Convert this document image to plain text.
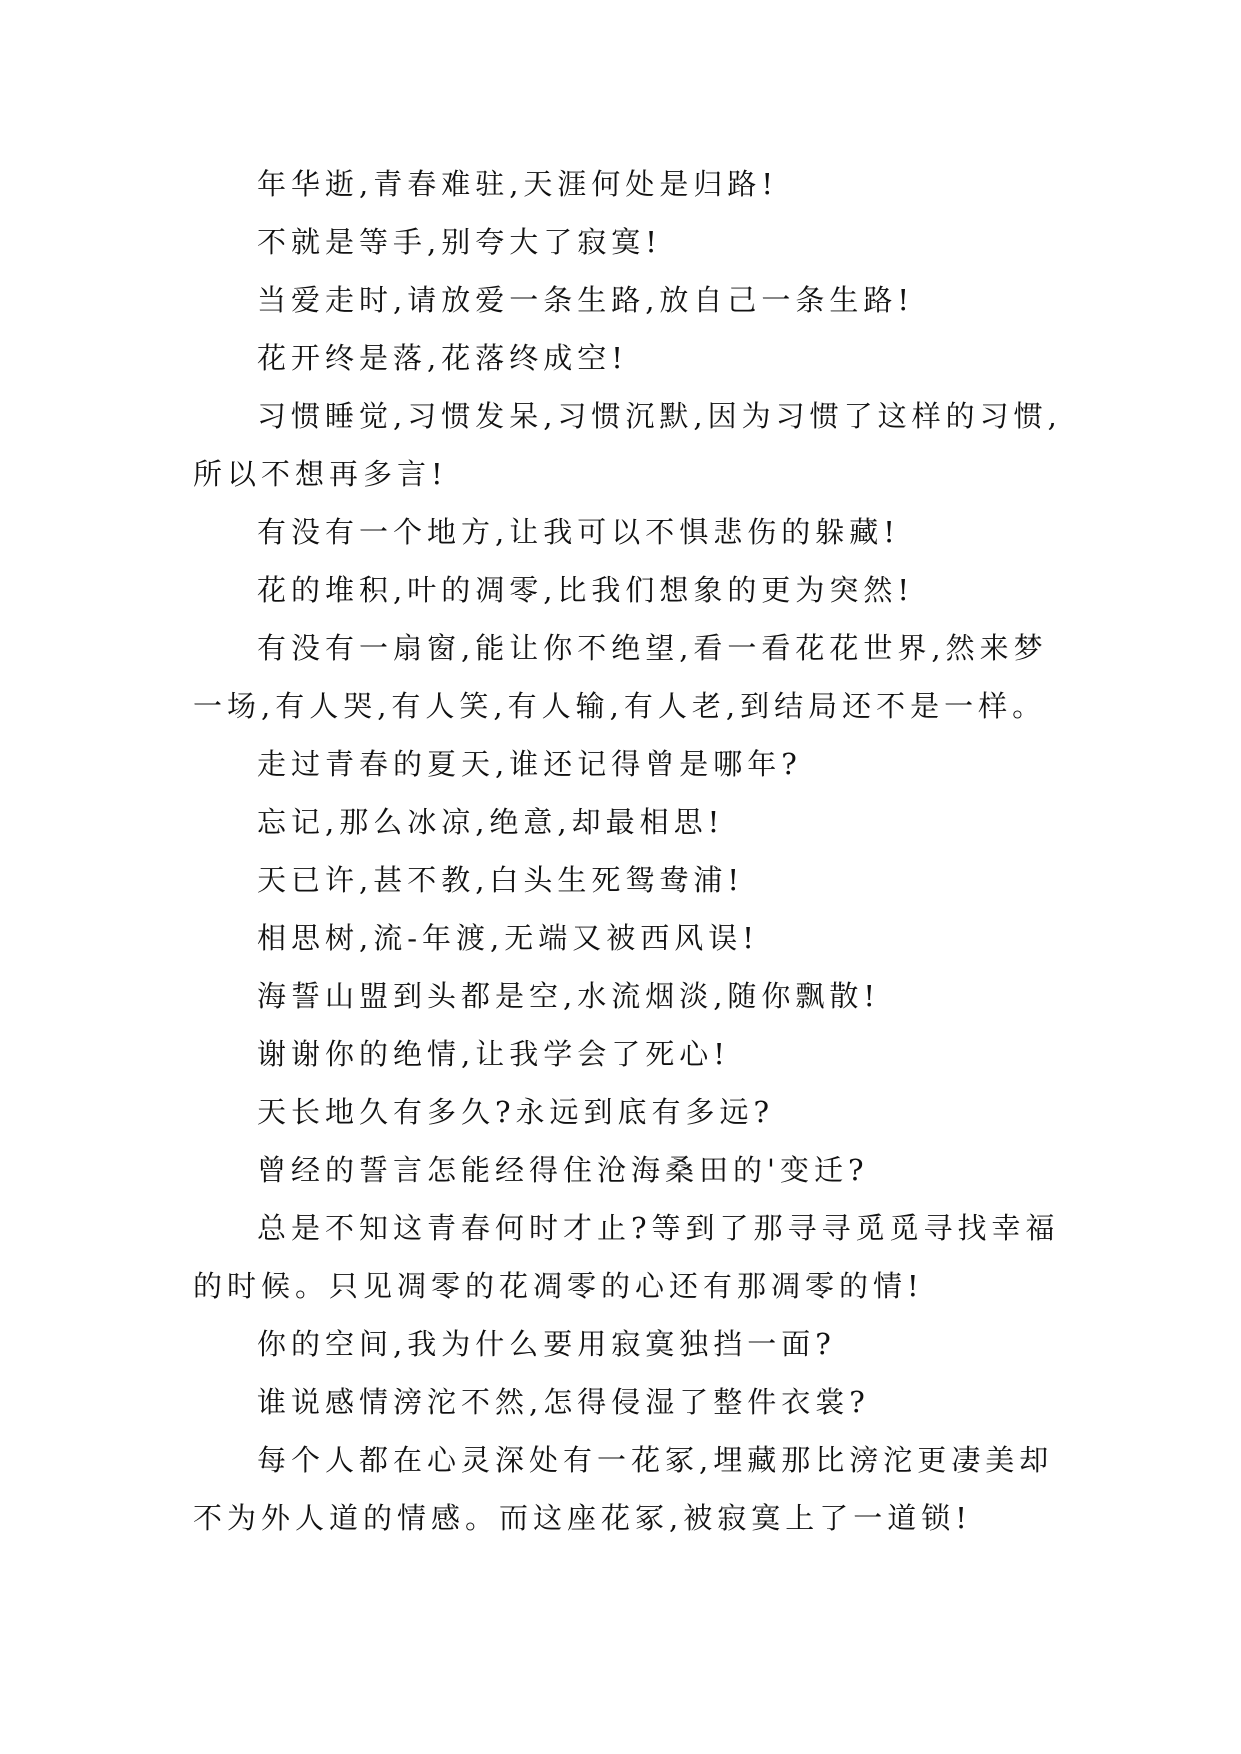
年华逝,青春难驻,天涯何处是归路!

不就是等手,别夸大了寂寞!

当爱走时,请放爱一条生路,放自己一条生路!

花开终是落,花落终成空!

习惯睡觉,习惯发呆,习惯沉默,因为习惯了这样的习惯,所以不想再多言!

有没有一个地方,让我可以不惧悲伤的躲藏!

花的堆积,叶的凋零,比我们想象的更为突然!

有没有一扇窗,能让你不绝望,看一看花花世界,然来梦一场,有人哭,有人笑,有人输,有人老,到结局还不是一样。

走过青春的夏天,谁还记得曾是哪年?

忘记,那么冰凉,绝意,却最相思!

天已许,甚不教,白头生死鸳鸯浦!

相思树,流-年渡,无端又被西风误!

海誓山盟到头都是空,水流烟淡,随你飘散!

谢谢你的绝情,让我学会了死心!

天长地久有多久?永远到底有多远?

曾经的誓言怎能经得住沧海桑田的'变迁?

总是不知这青春何时才止?等到了那寻寻觅觅寻找幸福的时候。只见凋零的花凋零的心还有那凋零的情!

你的空间,我为什么要用寂寞独挡一面?

谁说感情滂沱不然,怎得侵湿了整件衣裳?

每个人都在心灵深处有一花冢,埋藏那比滂沱更凄美却不为外人道的情感。而这座花冢,被寂寞上了一道锁!
